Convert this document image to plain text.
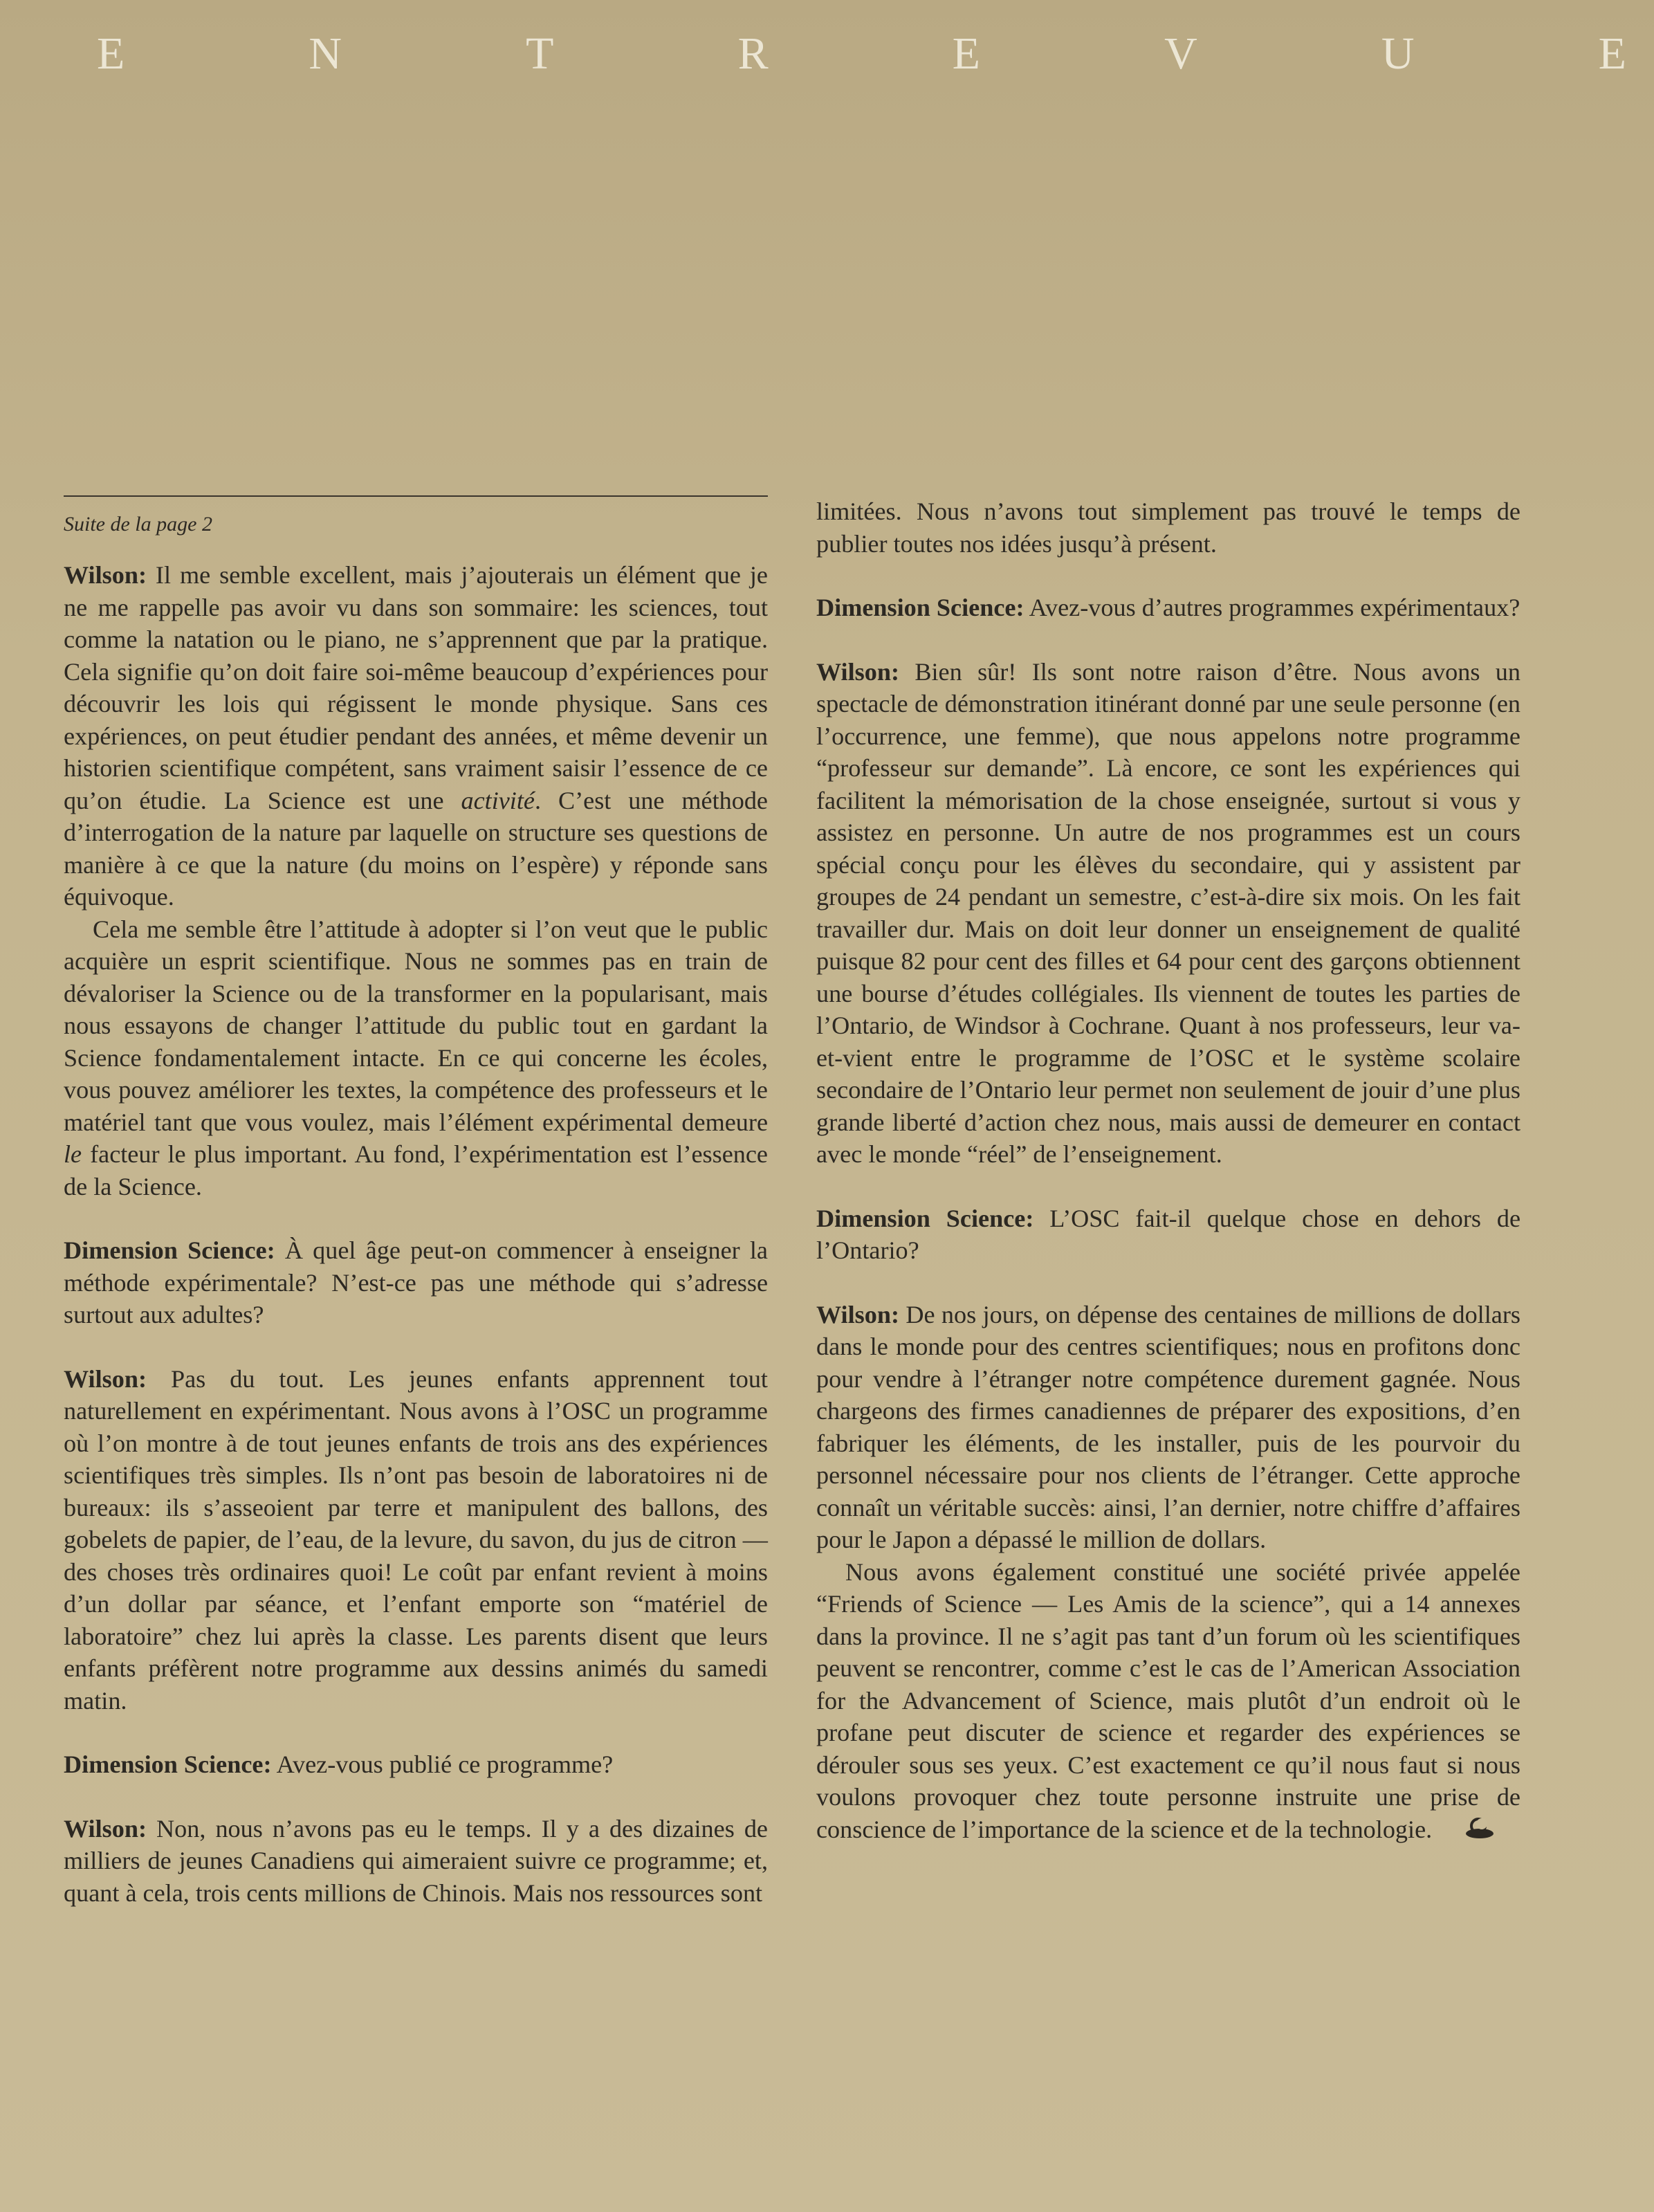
E	N	T	R	E	V	U	E
Suite de la page 2

Wilson: Il me semble excellent, mais j’ajouterais un élément que je ne me rappelle pas avoir vu dans son sommaire: les sciences, tout comme la natation ou le piano, ne s’apprennent que par la pratique. Cela signifie qu’on doit faire soi-même beaucoup d’expériences pour découvrir les lois qui régissent le monde physique. Sans ces expériences, on peut étudier pendant des années, et même devenir un historien scientifique compétent, sans vraiment saisir l’essence de ce qu’on étudie. La Science est une activité. C’est une méthode d’interrogation de la nature par laquelle on structure ses questions de manière à ce que la nature (du moins on l’espère) y réponde sans équivoque.

Cela me semble être l’attitude à adopter si l’on veut que le public acquière un esprit scientifique. Nous ne sommes pas en train de dévaloriser la Science ou de la transformer en la popularisant, mais nous essayons de changer l’attitude du public tout en gardant la Science fondamentalement intacte. En ce qui concerne les écoles, vous pouvez améliorer les textes, la compétence des professeurs et le matériel tant que vous voulez, mais l’élément expérimental demeure le facteur le plus important. Au fond, l’expérimentation est l’essence de la Science.

Dimension Science: À quel âge peut-on commencer à enseigner la méthode expérimentale? N’est-ce pas une méthode qui s’adresse surtout aux adultes?

Wilson: Pas du tout. Les jeunes enfants apprennent tout naturellement en expérimentant. Nous avons à l’OSC un programme où l’on montre à de tout jeunes enfants de trois ans des expériences scientifiques très simples. Ils n’ont pas besoin de laboratoires ni de bureaux: ils s’asseoient par terre et manipulent des ballons, des gobelets de papier, de l’eau, de la levure, du savon, du jus de citron — des choses très ordinaires quoi! Le coût par enfant revient à moins d’un dollar par séance, et l’enfant emporte son “matériel de laboratoire” chez lui après la classe. Les parents disent que leurs enfants préfèrent notre programme aux dessins animés du samedi matin.

Dimension Science: Avez-vous publié ce programme?

Wilson: Non, nous n’avons pas eu le temps. Il y a des dizaines de milliers de jeunes Canadiens qui aimeraient suivre ce programme; et, quant à cela, trois cents millions de Chinois. Mais nos ressources sont

limitées. Nous n’avons tout simplement pas trouvé le temps de publier toutes nos idées jusqu’à présent.

Dimension Science: Avez-vous d’autres programmes expérimentaux?

Wilson: Bien sûr! Ils sont notre raison d’être. Nous avons un spectacle de démonstration itinérant donné par une seule personne (en l’occurrence, une femme), que nous appelons notre programme “professeur sur demande”. Là encore, ce sont les expériences qui facilitent la mémorisation de la chose enseignée, surtout si vous y assistez en personne. Un autre de nos programmes est un cours spécial conçu pour les élèves du secondaire, qui y assistent par groupes de 24 pendant un semestre, c’est-à-dire six mois. On les fait travailler dur. Mais on doit leur donner un enseignement de qualité puisque 82 pour cent des filles et 64 pour cent des garçons obtiennent une bourse d’études collégiales. Ils viennent de toutes les parties de l’Ontario, de Windsor à Cochrane. Quant à nos professeurs, leur va-et-vient entre le programme de l’OSC et le système scolaire secondaire de l’Ontario leur permet non seulement de jouir d’une plus grande liberté d’action chez nous, mais aussi de demeurer en contact avec le monde “réel” de l’enseignement.

Dimension Science: L’OSC fait-il quelque chose en dehors de l’Ontario?

Wilson: De nos jours, on dépense des centaines de millions de dollars dans le monde pour des centres scientifiques; nous en profitons donc pour vendre à l’étranger notre compétence durement gagnée. Nous chargeons des firmes canadiennes de préparer des expositions, d’en fabriquer les éléments, de les installer, puis de les pourvoir du personnel nécessaire pour nos clients de l’étranger. Cette approche connaît un véritable succès: ainsi, l’an dernier, notre chiffre d’affaires pour le Japon a dépassé le million de dollars.

Nous avons également constitué une société privée appelée “Friends of Science — Les Amis de la science”, qui a 14 annexes dans la province. Il ne s’agit pas tant d’un forum où les scientifiques peuvent se rencontrer, comme c’est le cas de l’American Association for the Advancement of Science, mais plutôt d’un endroit où le profane peut discuter de science et regarder des expériences se dérouler sous ses yeux. C’est exactement ce qu’il nous faut si nous voulons provoquer chez toute personne instruite une prise de conscience de l’importance de la science et de la technologie.
